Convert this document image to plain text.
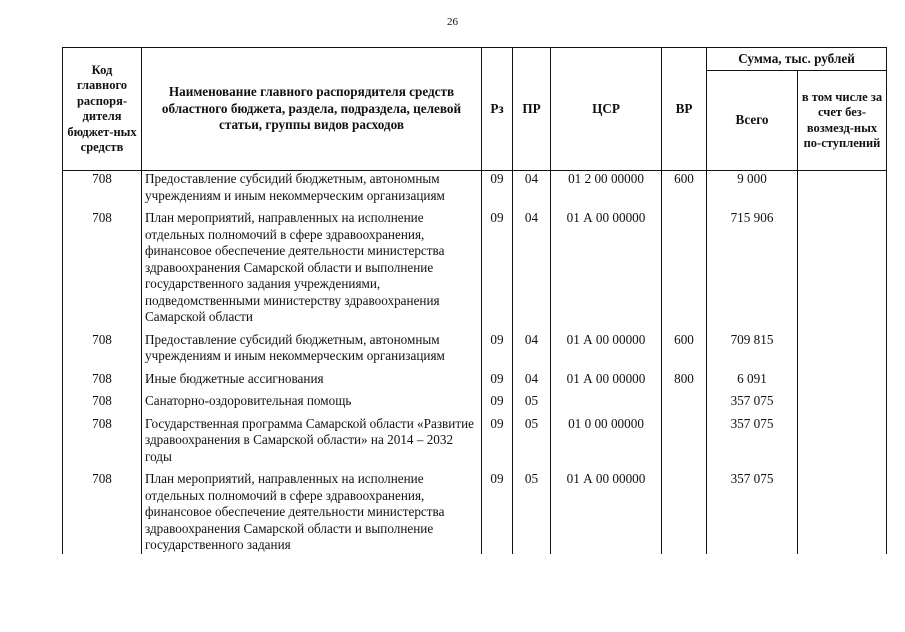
26
Код главного распоря-дителя бюджет-ных средств	Наименование главного распорядителя средств областного бюджета, раздела, подраздела, целевой статьи, группы видов расходов	Рз	ПР	ЦСР	ВР	Сумма, тыс. рублей	
						Всего	в том числе за счет без-возмезд-ных по-ступлений
708	Предоставление субсидий бюджетным, автономным учреждениям и иным некоммерческим организациям	09	04	01 2 00 00000	600	9 000	
708	План мероприятий, направленных на исполнение отдельных полномочий в сфере здравоохранения, финансовое обеспечение деятельности министерства здравоохранения Самарской области и выполнение государственного задания учреждениями, подведомственными министерству здравоохранения Самарской области	09	04	01 А 00 00000		715 906	
708	Предоставление субсидий бюджетным, автономным учреждениям и иным некоммерческим организациям	09	04	01 А 00 00000	600	709 815	
708	Иные бюджетные ассигнования	09	04	01 А 00 00000	800	6 091	
708	Санаторно-оздоровительная помощь	09	05			357 075	
708	Государственная программа Самарской области «Развитие здравоохранения в Самарской области» на 2014 – 2032 годы	09	05	01 0 00 00000		357 075	
708	План мероприятий, направленных на исполнение отдельных полномочий в сфере здравоохранения, финансовое обеспечение деятельности министерства здравоохранения Самарской области и выполнение государственного задания	09	05	01 А 00 00000		357 075	
